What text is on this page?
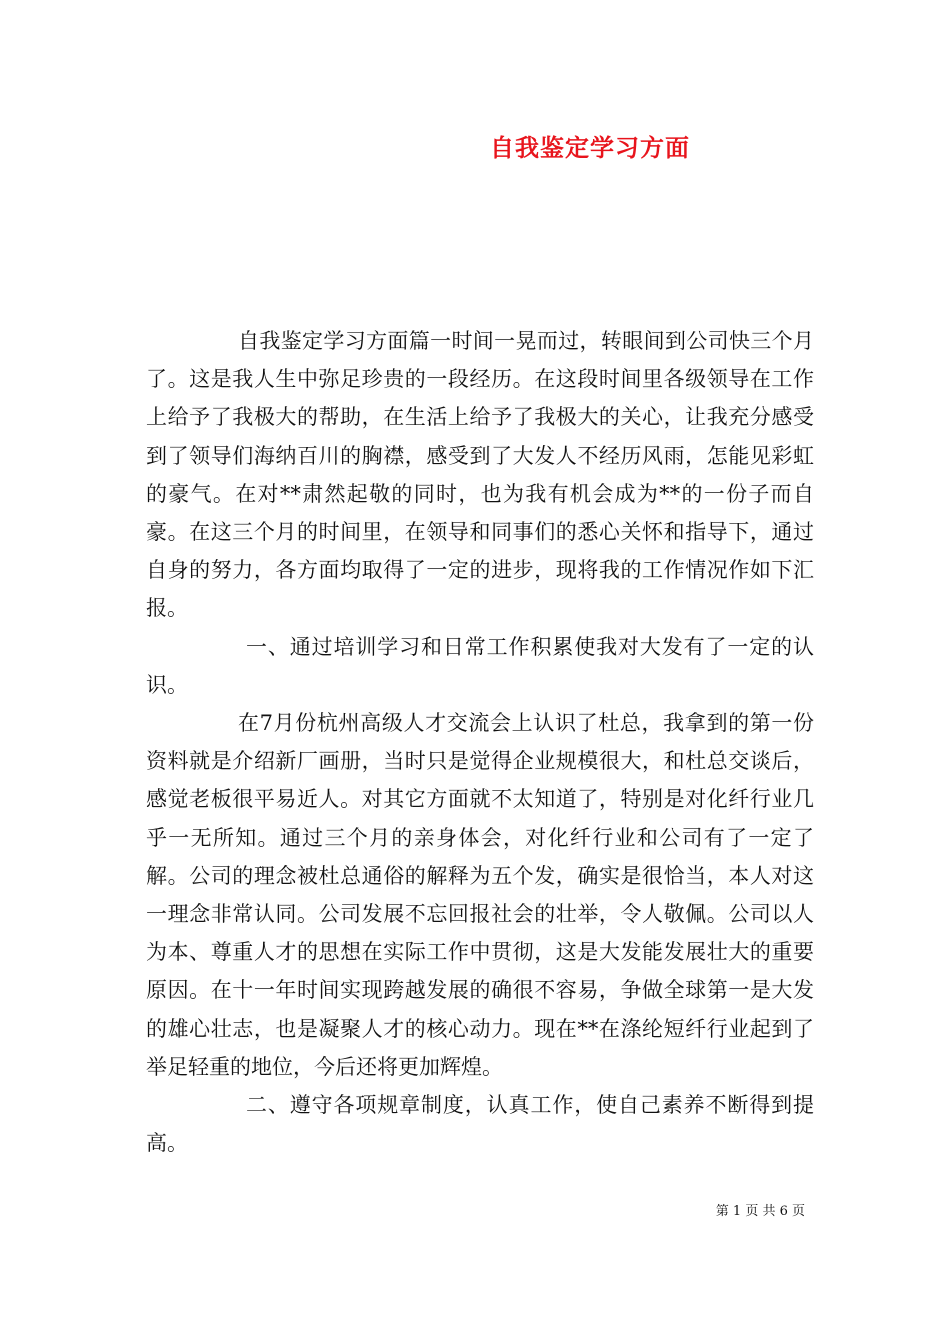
自我鉴定学习方面

自我鉴定学习方面篇一时间一晃而过，转眼间到公司快三个月了。这是我人生中弥足珍贵的一段经历。在这段时间里各级领导在工作上给予了我极大的帮助，在生活上给予了我极大的关心，让我充分感受到了领导们海纳百川的胸襟，感受到了大发人不经历风雨，怎能见彩虹的豪气。在对**肃然起敬的同时，也为我有机会成为**的一份子而自豪。在这三个月的时间里，在领导和同事们的悉心关怀和指导下，通过自身的努力，各方面均取得了一定的进步，现将我的工作情况作如下汇报。

一、通过培训学习和日常工作积累使我对大发有了一定的认识。

在7月份杭州高级人才交流会上认识了杜总，我拿到的第一份资料就是介绍新厂画册，当时只是觉得企业规模很大，和杜总交谈后，感觉老板很平易近人。对其它方面就不太知道了，特别是对化纤行业几乎一无所知。通过三个月的亲身体会，对化纤行业和公司有了一定了解。公司的理念被杜总通俗的解释为五个发，确实是很恰当，本人对这一理念非常认同。公司发展不忘回报社会的壮举，令人敬佩。公司以人为本、尊重人才的思想在实际工作中贯彻，这是大发能发展壮大的重要原因。在十一年时间实现跨越发展的确很不容易，争做全球第一是大发的雄心壮志，也是凝聚人才的核心动力。现在**在涤纶短纤行业起到了举足轻重的地位，今后还将更加辉煌。

二、遵守各项规章制度，认真工作，使自己素养不断得到提高。

第 1 页 共 6 页
